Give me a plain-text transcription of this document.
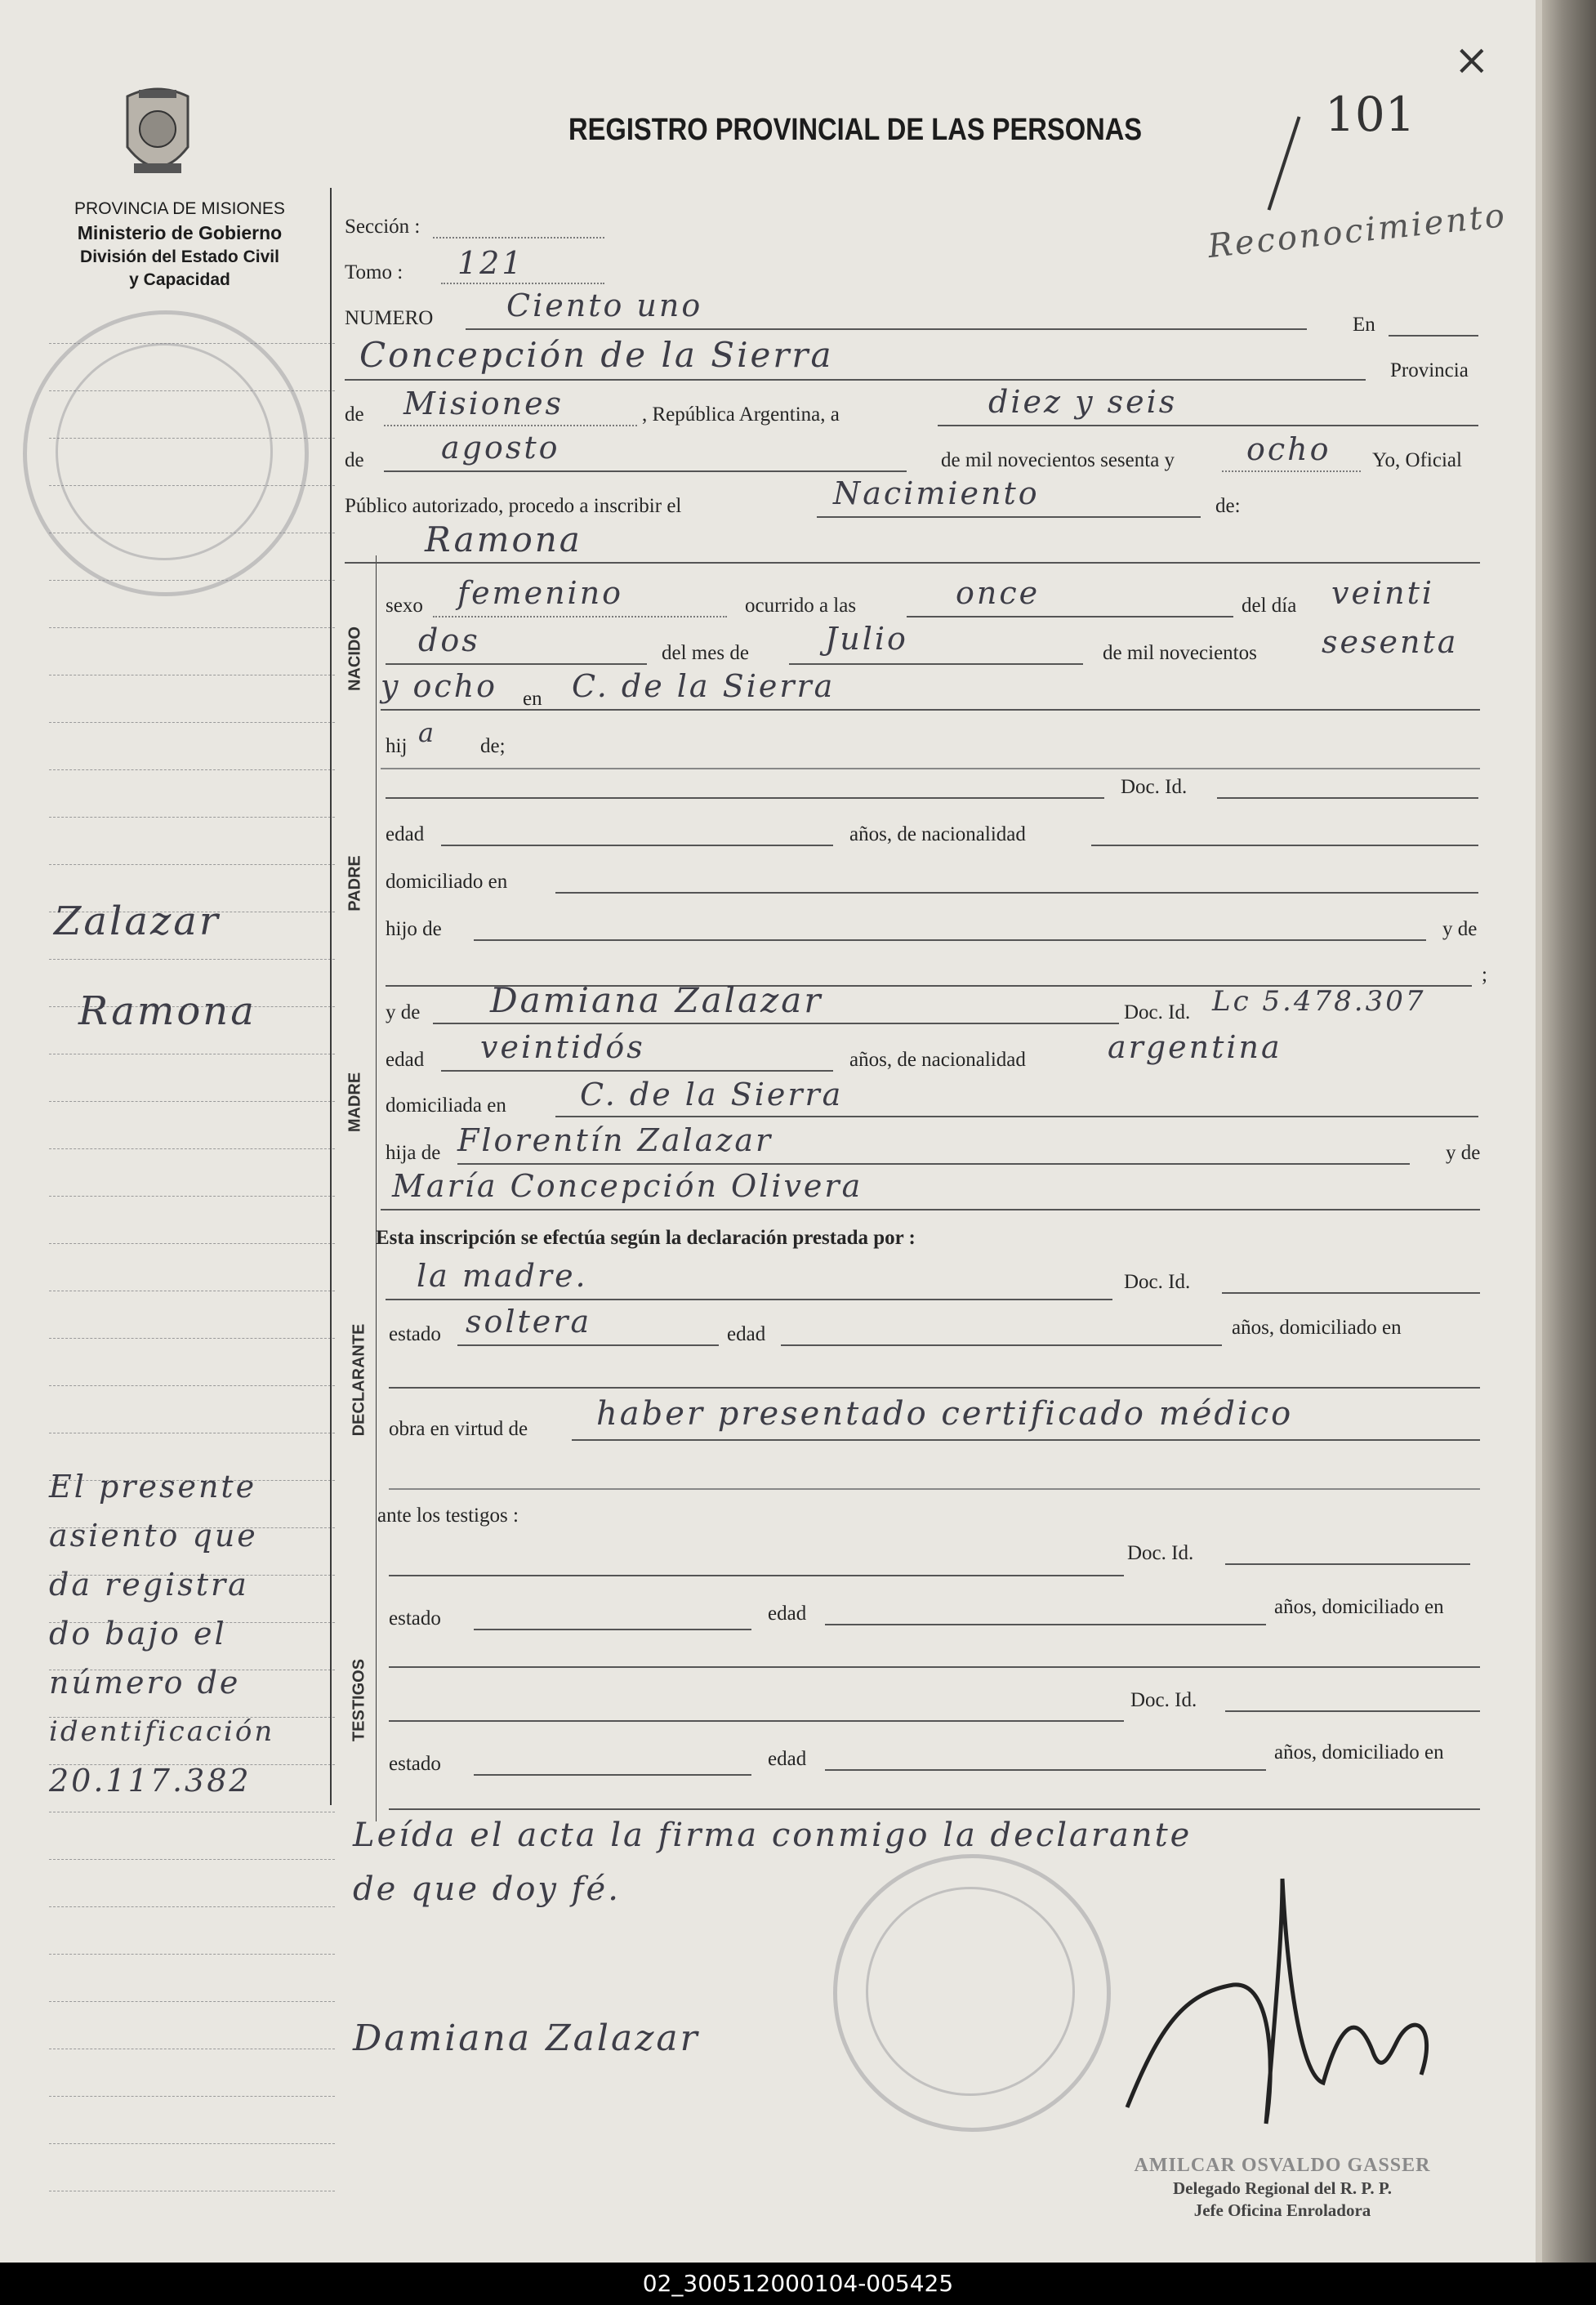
PROVINCIA DE MISIONES
Ministerio de Gobierno
División del Estado Civil
y Capacidad
REGISTRO PROVINCIAL DE LAS PERSONAS	101
×
Reconocimiento
Sección :
Tomo : 121
NUMERO Ciento uno
En
Concepción de la Sierra	Provincia
de Misiones	, República Argentina, a	diez y seis
de agosto	de mil novecientos sesenta y ocho Yo, Oficial
Público autorizado, procedo a inscribir el	Nacimiento	de:
Ramona
NACIDO
sexo femenino	ocurrido a las	once	del día veinti
dos	del mes de Julio	de mil novecientos sesenta
y ocho en C. de la Sierra
hij a de;
PADRE
Doc. Id.
edad	años, de nacionalidad
domiciliado en
hijo de	y de
;
MADRE
y de Damiana Zalazar	Doc. Id. Lc 5.478.307
edad veintidós	años, de nacionalidad	argentina
domiciliada en C. de la Sierra
hija de Florentín Zalazar	y de
María Concepción Olivera
Esta inscripción se efectúa según la declaración prestada por :
DECLARANTE
la madre.	Doc. Id.
estado soltera	edad	años, domiciliado en
obra en virtud de haber presentado certificado médico
ante los testigos :
TESTIGOS
Doc. Id.
estado	edad	años, domiciliado en
Doc. Id.
estado	edad	años, domiciliado en
Leída el acta la firma conmigo la declarante
de que doy fé.
Damiana Zalazar
AMILCAR OSVALDO GASSER
Delegado Regional del R. P. P.
Jefe Oficina Enroladora
Zalazar
Ramona
El presente
asiento que
da registra
do bajo el
número de
identificación
20.117.382
02_300512000104-005425
